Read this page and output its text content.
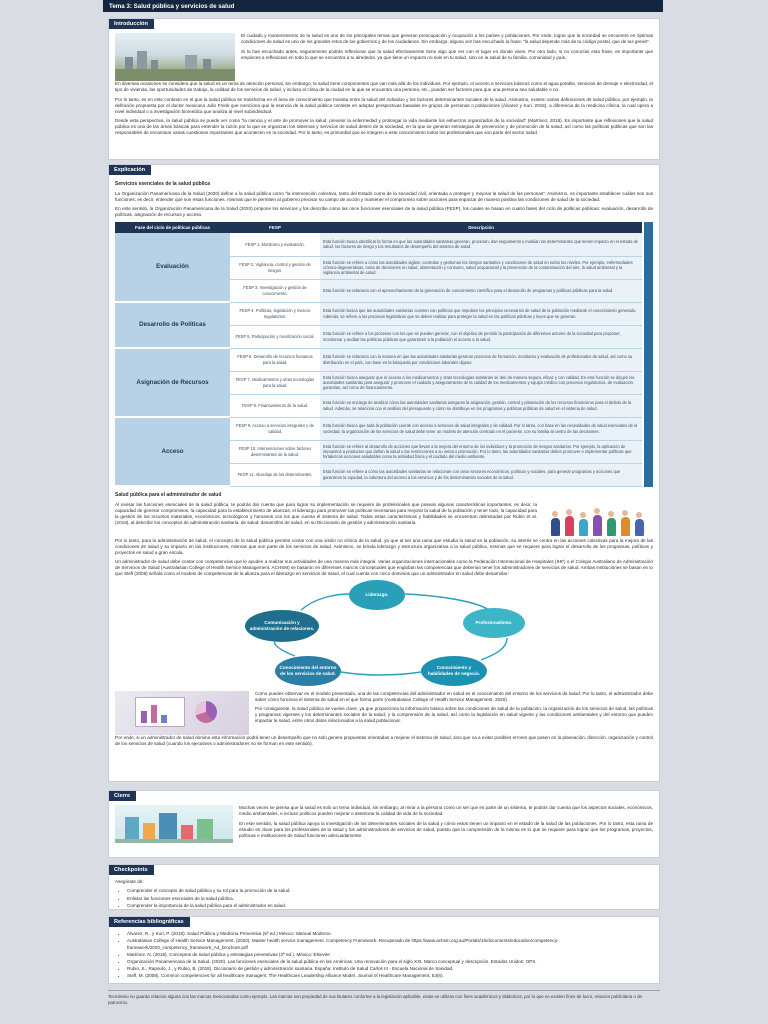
Tema 3: Salud pública y servicios de salud
Introducción

El cuidado y mantenimiento de la salud es uno de los principales temas que generan preocupación y ocupación a los países y poblaciones. Por ende, lograr que la sociedad se encuentre en óptimas condiciones de salud es uno de los grandes retos de los gobiernos y de los ciudadanos. Sin embargo, alguna vez has escuchado la frase: "la salud depende más de tu código postal, que de tus genes".

Si la has escuchado antes, seguramente podrás reflexionar que la salud efectivamente tiene algo que ver con el lugar en donde vives. Por otro lado, si no conocías esta frase, es importante que empieces a reflexionar en todo lo que se encuentra a tu alrededor, ya que tiene un impacto no solo en tu salud, sino en la salud de tu familia, comunidad y país.

En diversas ocasiones se considera que la salud es un tema de atención personal, sin embargo, la salud tiene componentes que van más allá de los individuos. Por ejemplo, el acceso a servicios básicos como el agua potable, servicios de drenaje o electricidad, el tipo de vivienda, las oportunidades de trabajo, la calidad de los servicios de salud, y incluso el clima de la ciudad en la que se encuentra una persona, etc., pueden ser factores para que una persona sea saludable o no.

Por lo tanto, es en este contexto en el que la salud pública se transforma en el área de conocimiento que transita entre la salud del individuo y los factores determinantes sociales de la salud. Asimismo, existen varias definiciones de salud pública, por ejemplo, la definición propuesta por el doctor mexicano Julio Frenk que menciona que la esencia de la salud pública consiste en adoptar perspectivas basadas en grupos de personas o poblaciones (Álvarez y Kuri, 2018), a diferencia de la medicina clínica, la cual opera a nivel individual o a investigación biomédica que analiza al nivel subindividual.

Desde esta perspectiva, la salud pública se puede ver como "la ciencia y el arte de promover la salud, prevenir la enfermedad y prolongar la vida mediante los esfuerzos organizados de la sociedad" (Martínez, 2018). Es importante que reflexiones que la salud pública es una de las áreas básicas para entender la razón por la que se organizan los sistemas y servicios de salud dentro de la sociedad, en la que se generan estrategias de prevención y de promoción de la salud, así como las políticas públicas que son las responsables de encaminar varias cuestiones importantes que acontecen en la sociedad. Por lo tanto, es primordial que se integren a este conocimiento todos los profesionales que son parte del sector salud.

Explicación
Servicios esenciales de la salud pública

La Organización Panamericana de la Salud (2020) define a la salud pública como "la intervención colectiva, tanto del Estado como de la sociedad civil, orientada a proteger y mejorar la salud de las personas". Asimismo, es importante establecer cuáles son sus funciones; es decir, entender qué son estas funciones, mismas que le permiten al gobierno precisar su campo de acción y mantener el compromiso sobre acciones para impactar de manera positiva las condiciones de salud de la sociedad.

En este sentido, la Organización Panamericana de la Salud (2020) propone los servicios y los describe como las once funciones esenciales de la salud pública (FESP), los cuales se basan en cuatro fases del ciclo de políticas públicas: evaluación, desarrollo de políticas, asignación de recursos y acceso.

Fase del ciclo de políticas públicas	FESP	Descripción
Evaluación	FESP 1. Monitoreo y evaluación.	Esta función busca identificar la forma en que las autoridades sanitarias generan, procesan, dan seguimiento y evalúan los determinantes que tienen impacto en el estado de salud, los factores de riesgo y los resultados de desempeño del sistema de salud.
	FESP 2. Vigilancia, control y gestión de riesgos.	Esta función se refiere a cómo las autoridades vigilan, controlan y gestionan los riesgos sanitarios y condiciones de salud en todos los niveles. Por ejemplo, enfermedades crónico-degenerativas, toma de decisiones en salud, alimentación y consumo, salud ocupacional y la prevención de la contaminación del aire, la salud ambiental y la vigilancia ambiental de salud.
	FESP 3. Investigación y gestión de conocimiento.	Esta función se relaciona con el aprovechamiento de la generación de conocimiento científico para el desarrollo de programas y políticas públicas para la salud.
Desarrollo de Políticas	FESP 4. Políticas, legislación y marcos regulatorios.	Esta función busca que las autoridades sanitarias cuenten con políticas que impulsen los principios necesarios de salud de la población mediante el conocimiento generado. Además, se refiere a los procesos legislativos que se deben realizar para proteger la salud en las políticas públicas y leyes que se generan.
	FESP 5. Participación y movilización social.	Esta función se refiere a los procesos con los que se pueden generar, con el objetivo de permitir la participación de diferentes actores de la sociedad para proponer, monitorear y auditar las políticas públicas que garanticen a la población el acceso a la salud.
Asignación de Recursos	FESP 6. Desarrollo de recursos humanos para la salud.	Esta función se relaciona con la manera en que las autoridades sanitarias generan procesos de formación, monitoreo y evaluación de profesionales de salud, así como su distribución en el país, con base en la búsqueda por condiciones laborales dignas.
	FESP 7. Medicamentos y otras tecnologías para la salud.	Esta función busca asegurar que el acceso a los medicamentos y otras tecnologías sanitarias se den de manera segura, eficaz y con calidad. En este función se dirigen las autoridades sanitarias para asegurar y promover el cuidado y aseguramiento de la calidad de los medicamentos y equipo médico con procesos regulatorios, de evaluación, garantías, así como de financiamiento.
	FESP 8. Financiamiento de la salud.	Esta función se encarga de analizar cómo las autoridades sanitarias aseguran la asignación, gestión, control y planeación de los recursos financieros para el ámbito de la salud. Además, se relaciona con el análisis del presupuesto y cómo se distribuye en los programas y políticas públicas de salud en el sistema de salud.
Acceso	FESP 9. Acceso a servicios integrales y de calidad.	Esta función busca que toda la población cuente con acceso a servicios de salud integrales y de calidad. Por lo tanto, con base en las necesidades de salud esenciales de la sociedad, la organización de los servicios de salud debe tener un modelo de atención centrado en el paciente, con su familia al centro de las decisiones.
	FESP 10. Intervenciones sobre factores determinantes de la salud.	Esta función se refiere al desarrollo de acciones que llevan a la mejora del entorno de los individuos y la promoción de riesgos sanitarios. Por ejemplo, la aplicación de impuestos a productos que dañan la salud o las restricciones a su venta o promoción. Por lo tanto, las autoridades sanitarias deben promover e implementar políticas que fortalezcan acciones saludables como la actividad física y el cuidado del medio ambiente.
	FESP 11. Abordaje de los determinantes.	Esta función se refiere a cómo las autoridades sanitarias se relacionan con otros sectores económicos, políticos y sociales, para generar programas y acciones que garanticen la equidad, la cobertura del acceso a los servicios y de los determinantes sociales de la salud.
Salud pública para el administrador de salud

Al revisar las funciones esenciales de la salud pública, te podrás dar cuenta que para lograr su implementación se requiere de profesionales que posean algunas características importantes, es decir, la capacidad de generar compromisos, la capacidad para la establecimiento de alianzas; el liderazgo para promover las políticas necesarias para mejorar la salud de la población y tener todo, la capacidad para la gestión de los recursos materiales, económicos, tecnológicos y humanos con los que cuenta el sistema de salud. Todas estas características y habilidades se encuentran delimitadas por Rubio et al. (2018), al describir los conceptos de administración sanitaria, de salud: desarrollos de salud, en su Diccionario de gestión y administración sanitaria.

Por lo tanto, para la administración de salud, el concepto de la salud pública permite contar con una visión no clínica de la salud, ya que al ser una rama que estudia la salud en la población, su interés se centra en las acciones colectivas para la mejora de las condiciones de salud y su impacto en las instituciones, mismas que son parte de los servicios de salud. Asimismo, se brinda liderazgo y estructura organizativa a la salud pública, mismas que se requiere para lograr el desarrollo de los programas, políticas y proyectos en salud a gran escala.

Un administrador de salud debe contar con competencias que le ayuden a realizar sus actividades de una manera más integral. Varias organizaciones internacionales como la Federación Internacional de Hospitales (IHF) o el Colegio Australiano de Administración de Servicios de Salud (Australasian College of Health Service Management, ACHSM) se basaron en diferentes marcos conceptuales que engloban las competencias que deberían tener los administradores de servicios de salud. Ambas instituciones se basan en lo que Stefl (2008) señala como el modelo de competencias de la alianza para el liderazgo en servicios de salud, el cual cuenta con cinco dominios que un administrador en salud debe desarrollar:

Liderazgo.
Profesionalismo.
Conocimiento y habilidades de negocio.
Conocimiento del entorno de los servicios de salud.
Comunicación y administración de relaciones.

Como puedes observar en el modelo presentado, una de las competencias del administrador en salud es el conocimiento del entorno de los servicios de salud. Por lo tanto, el administrador debe saber cómo funciona el sistema de salud en el que forma parte (Australasian College of Health Service Management, 2020).

Por consiguiente, la salud pública se vuelve clave, ya que proporciona la información básica sobre las condiciones de salud de la población, la organización de los servicios de salud, las políticas y programas vigentes y los determinantes sociales de la salud; y la comprensión de la salud, así como la legislación en salud vigente y las condiciones ambientales y del entorno que pueden impactar la salud, entre otros datos relacionados a la salud poblacional.

Por ende, si un administrador de salud domina esta información podrá tener un desempeño que no solo genera propuestas orientadas a mejorar el sistema de salud, sino que va a evitar posibles errores que pasen en la planeación, dirección, organización y control de los servicios de salud (cuando los ejecutivos o administradores no se forman en este sentido).

Cierre

Muchas veces se piensa que la salud es solo un tema individual, sin embargo, al mirar a la persona como un ser que es parte de un sistema, te podrás dar cuenta que los aspectos sociales, económicos, medio ambientales, e incluso políticos pueden mejorar o deteriorar la calidad de vida de la sociedad.

En este sentido, la salud pública apoya la investigación de los determinantes sociales de la salud y cómo estos tienen un impacto en el estado de la salud de las poblaciones. Por lo tanto, esta rama de estudio es clave para los profesionales de la salud y los administradores de servicios de salud, puesto que la comprensión de la misma es lo que se requiere para lograr que los programas, proyectos, políticas e instituciones de Salud funcionen adecuadamente.

Checkpoints

Asegúrate de:

• Comprender el concepto de salud pública y su rol para la promoción de la salud.
• Enlistar las funciones esenciales de la salud pública.
• Comprender la importancia de la salud pública para el administrador en salud.
Referencias bibliográficas
• Álvarez, R., y Kuri, P. (2018). Salud Pública y Medicina Preventiva (5ª ed.) México: Manual Moderno.
• Australasian College of Health Service Management. (2020). Master health service management. Competency Framework. Recuperado de https://www.achsm.org.au/Portals/15/documents/education/competency-framework/2020_competency_framework_A4_brochure.pdf
• Martínez, N. (2018). Conceptos de salud pública y estrategias preventivas (2ª ed.). México: Elsevier.
• Organización Panamericana de la Salud. (2020). Las funciones esenciales de la salud pública en las Américas. Una renovación para el siglo XXI. Marco conceptual y descripción. Estados Unidos: OPS.
• Rubio, S., Rapoulo, J., y Rubio, B. (2018). Diccionario de gestión y administración sanitaria. España: Instituto de Salud Carlos III - Escuela Nacional de Sanidad.
• Stefl, M. (2008). Common competencies for all healthcare managers: The Healthcare Leadership Alliance Model. Journal of Healthcare Management, 53(6).
Tecmilenio no guarda relación alguna con las marcas mencionadas como ejemplo. Las marcas son propiedad de sus titulares conforme a la legislación aplicable, estas se utilizan con fines académicos y didácticos, por lo que no existen fines de lucro, relación publicitaria o de patrocinio.
